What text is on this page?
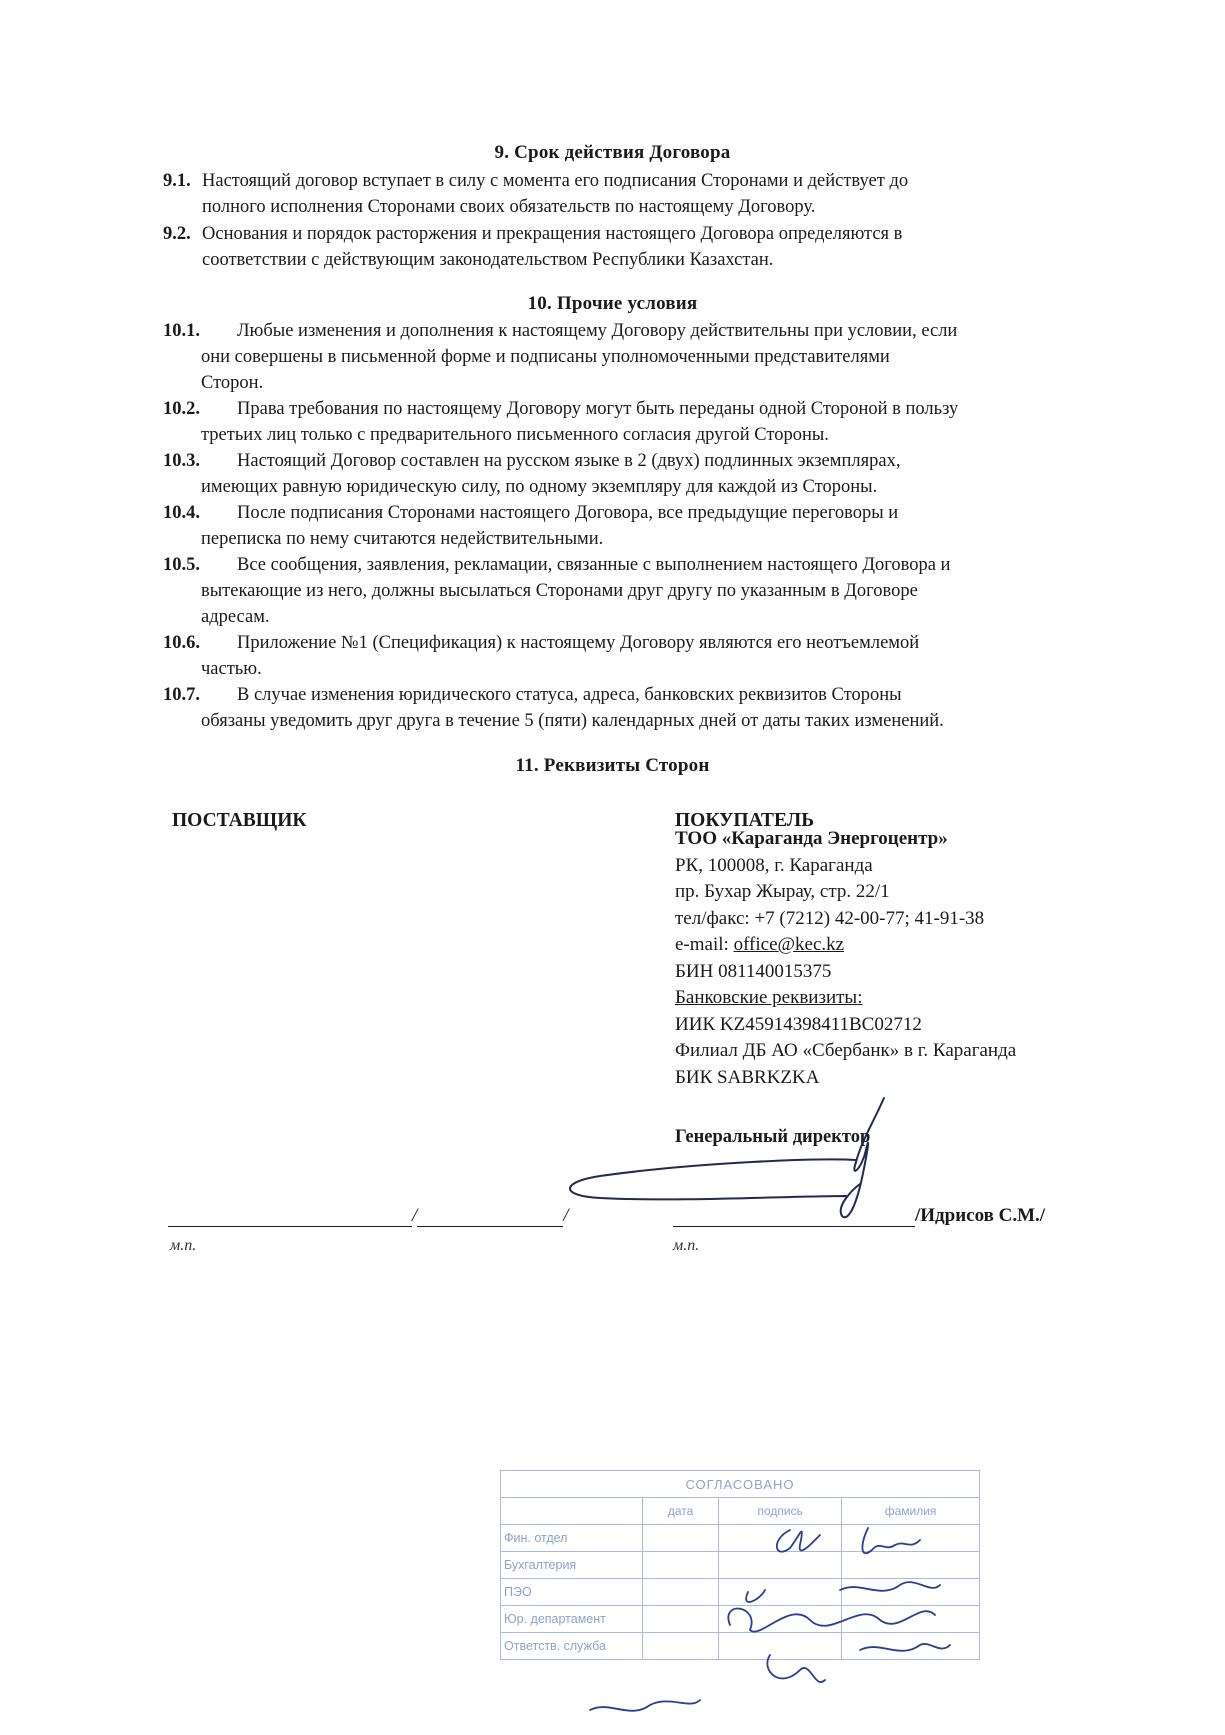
9. Срок действия Договора
9.1. Настоящий договор вступает в силу с момента его подписания Сторонами и действует до
полного исполнения Сторонами своих обязательств по настоящему Договору.
9.2. Основания и порядок расторжения и прекращения настоящего Договора определяются в
соответствии с действующим законодательством Республики Казахстан.
10. Прочие условия
10.1.	Любые изменения и дополнения к настоящему Договору действительны при условии, если
они совершены в письменной форме и подписаны уполномоченными представителями
Сторон.
10.2.	Права требования по настоящему Договору могут быть переданы одной Стороной в пользу
третьих лиц только с предварительного письменного согласия другой Стороны.
10.3.	Настоящий Договор составлен на русском языке в 2 (двух) подлинных экземплярах,
имеющих равную юридическую силу, по одному экземпляру для каждой из Стороны.
10.4.	После подписания Сторонами настоящего Договора, все предыдущие переговоры и
переписка по нему считаются недействительными.
10.5.	Все сообщения, заявления, рекламации, связанные с выполнением настоящего Договора и
вытекающие из него, должны высылаться Сторонами друг другу по указанным в Договоре
адресам.
10.6.	Приложение №1 (Спецификация) к настоящему Договору являются его неотъемлемой
частью.
10.7.	В случае изменения юридического статуса, адреса, банковских реквизитов Стороны
обязаны уведомить друг друга в течение 5 (пяти) календарных дней от даты таких изменений.
11. Реквизиты Сторон
ПОСТАВЩИК	ПОКУПАТЕЛЬ
ТОО «Караганда Энергоцентр»
РК, 100008, г. Караганда
пр. Бухар Жырау, стр. 22/1
тел/факс: +7 (7212) 42-00-77; 41-91-38
e-mail: office@kec.kz
БИН 081140015375
Банковские реквизиты:
ИИК KZ45914398411BC02712
Филиал ДБ АО «Сбербанк» в г. Караганда
БИК SABRKZKA
Генеральный директор
/	/
м.п.
/Идрисов С.М./
м.п.
СОГЛАСОВАНО			
	дата	подпись	фамилия
Фин. отдел			
Бухгалтерия			
ПЭО			
Юр. департамент			
Ответств. служба			
